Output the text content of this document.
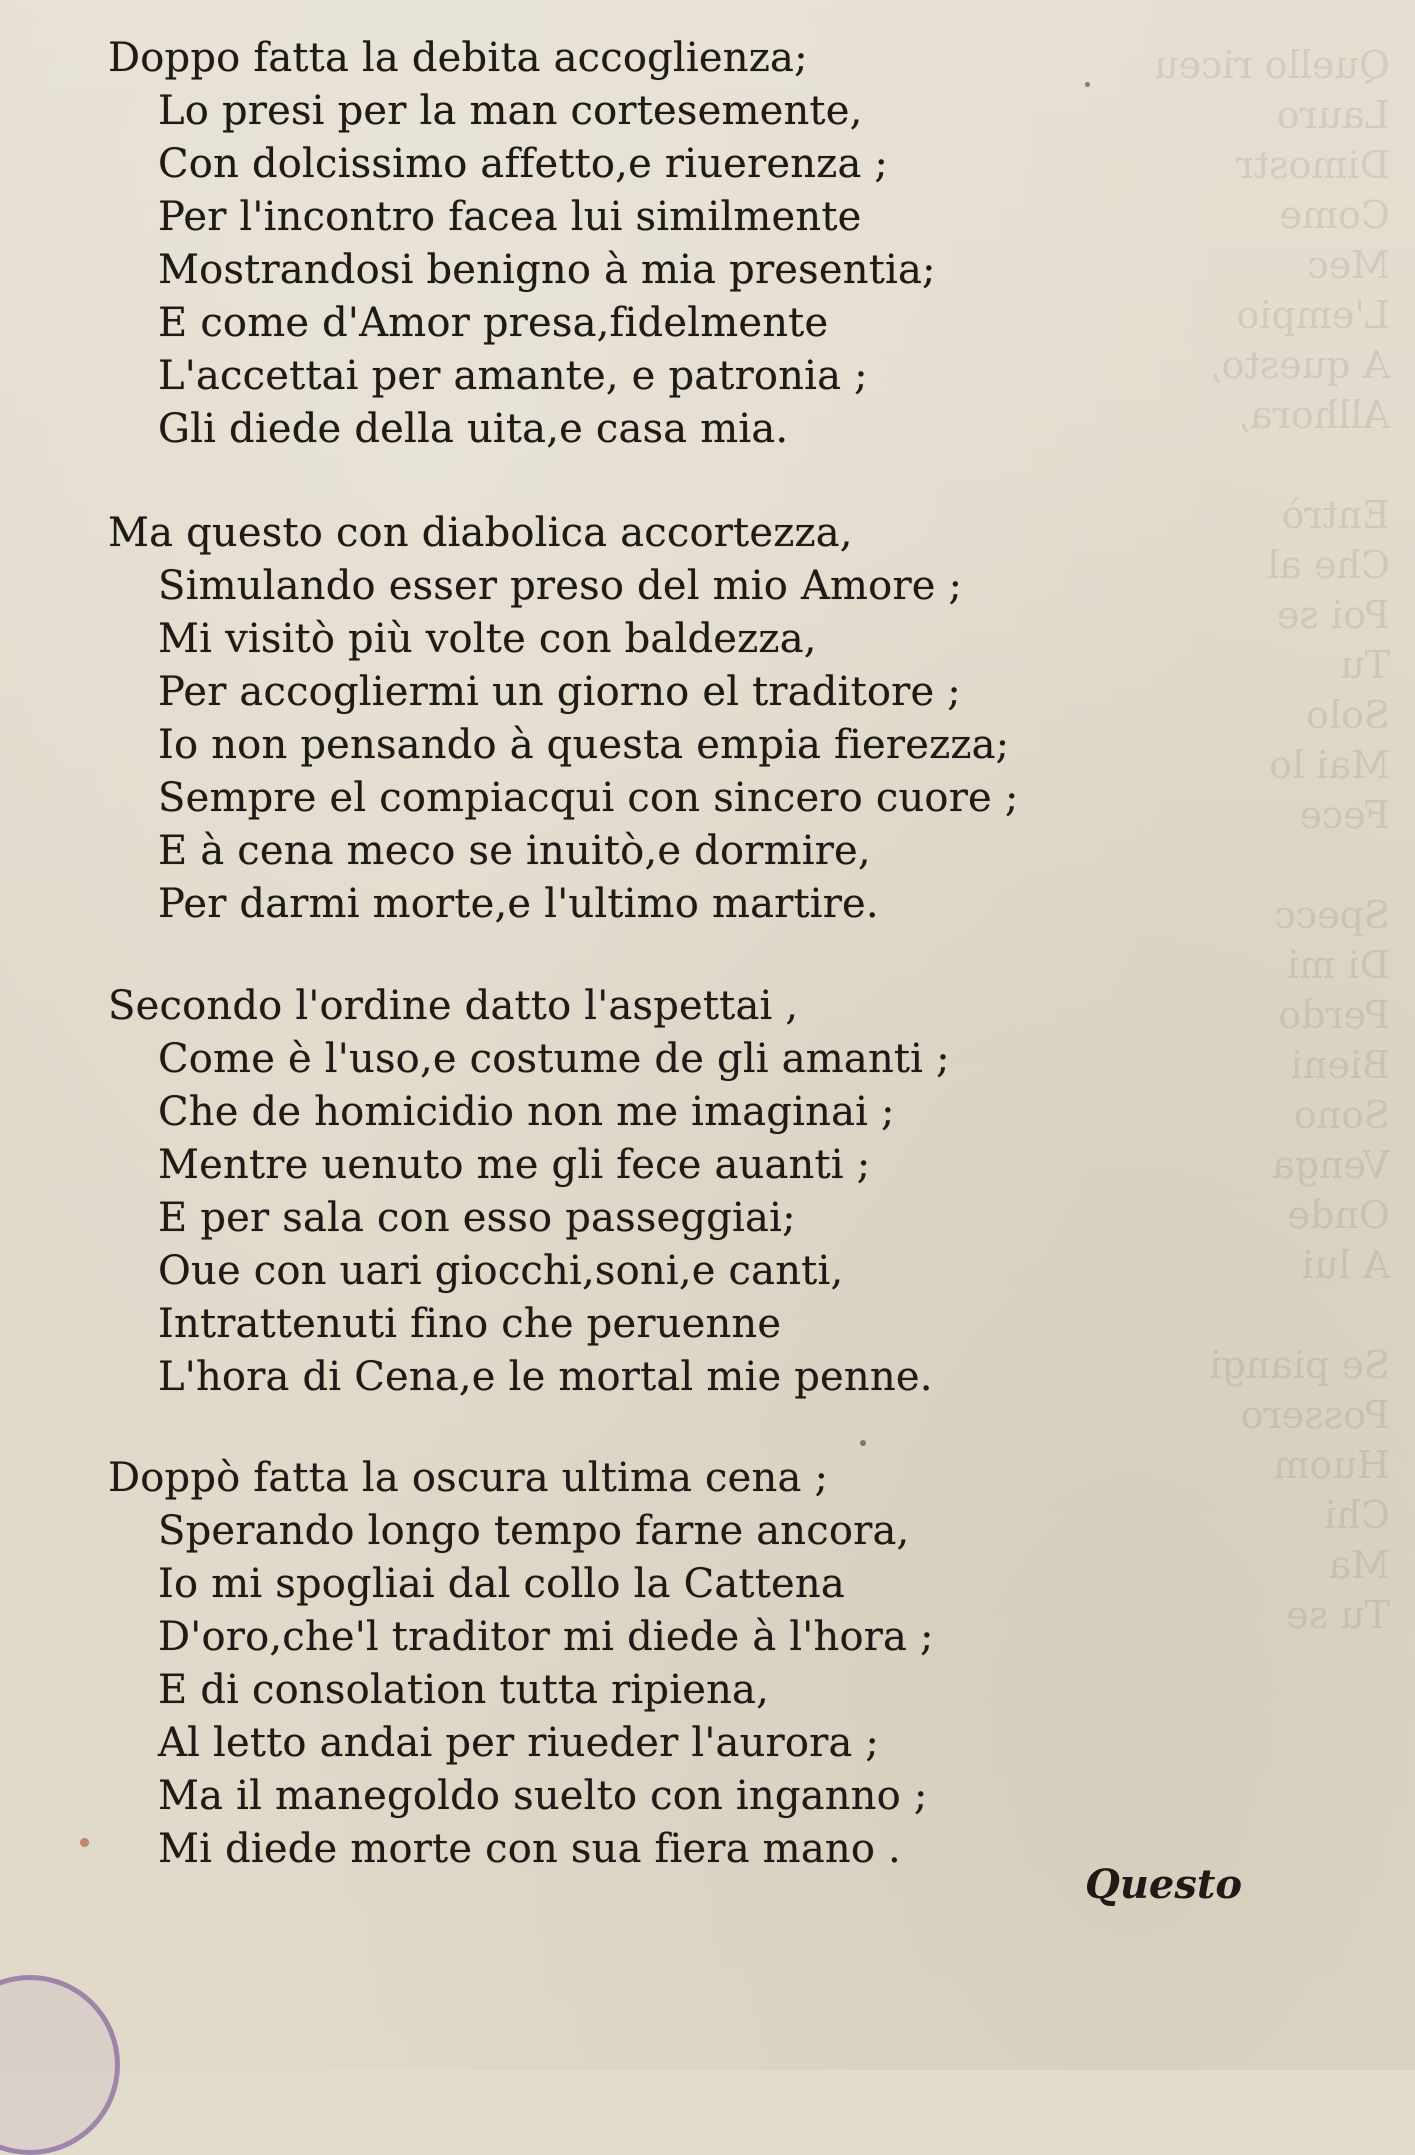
Quello riceu
Lauro
Dimostr
Come
Mec
L'empio
A questo,
Allhora,

Entrò
Che al
Poi se
Tu
Solo
Mai lo
Fece

Specc
Di mi
Perdo
Bieni
Sono
Venga
Onde
A lui

Se piangi
Possero
Huom
Chi
Ma
Tu se
Doppo fatta la debita accoglienza;
Lo presi per la man cortesemente,
Con dolcissimo affetto,e riuerenza ;
Per l'incontro facea lui similmente
Mostrandosi benigno à mia presentia;
E come d'Amor presa,fidelmente
L'accettai per amante, e patronia ;
Gli diede della uita,e casa mia.
Ma questo con diabolica accortezza,
Simulando esser preso del mio Amore ;
Mi visitò più volte con baldezza,
Per accogliermi un giorno el traditore ;
Io non pensando à questa empia fierezza;
Sempre el compiacqui con sincero cuore ;
E à cena meco se inuitò,e dormire,
Per darmi morte,e l'ultimo martire.
Secondo l'ordine datto l'aspettai ,
Come è l'uso,e costume de gli amanti ;
Che de homicidio non me imaginai ;
Mentre uenuto me gli fece auanti ;
E per sala con esso passeggiai;
Oue con uari giocchi,soni,e canti,
Intrattenuti fino che peruenne
L'hora di Cena,e le mortal mie penne.
Doppò fatta la oscura ultima cena ;
Sperando longo tempo farne ancora,
Io mi spogliai dal collo la Cattena
D'oro,che'l traditor mi diede à l'hora ;
E di consolation tutta ripiena,
Al letto andai per riueder l'aurora ;
Ma il manegoldo suelto con inganno ;
Mi diede morte con sua fiera mano .
Questo
